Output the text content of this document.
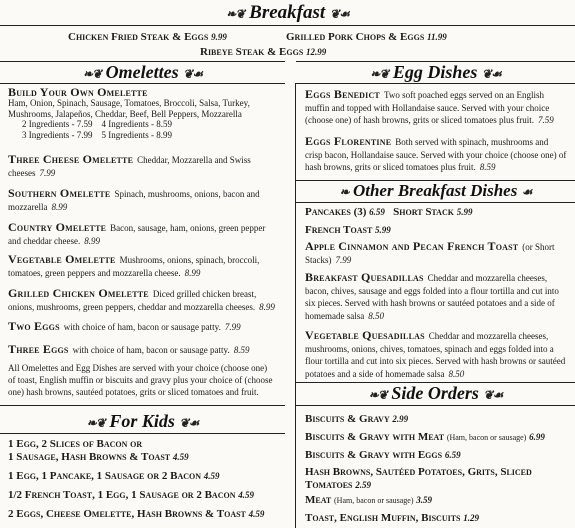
❧❦ Breakfast ❦☙
Chicken Fried Steak & Eggs 9.99	Grilled Pork Chops & Eggs 11.99
Ribeye Steak & Eggs 12.99
❧❦ Omelettes ❦☙
Build Your Own Omelette
Ham, Onion, Spinach, Sausage, Tomatoes, Broccoli, Salsa, Turkey, Mushrooms, Jalapeños, Cheddar, Beef, Bell Peppers, Mozzarella
2 Ingredients - 7.59 4 Ingredients - 8.59
3 Ingredients - 7.99 5 Ingredients - 8.99
Three Cheese Omelette Cheddar, Mozzarella and Swiss cheeses 7.99
Southern Omelette Spinach, mushrooms, onions, bacon and mozzarella 8.99
Country Omelette Bacon, sausage, ham, onions, green pepper and cheddar cheese. 8.99
Vegetable Omelette Mushrooms, onions, spinach, broccoli, tomatoes, green peppers and mozzarella cheese. 8.99
Grilled Chicken Omelette Diced grilled chicken breast, onions, mushrooms, green peppers, cheddar and mozzarella cheeses. 8.99
Two Eggs with choice of ham, bacon or sausage patty. 7.99
Three Eggs with choice of ham, bacon or sausage patty. 8.59
All Omelettes and Egg Dishes are served with your choice (choose one) of toast, English muffin or biscuits and gravy plus your choice of (choose one) hash browns, sautéed potatoes, grits or sliced tomatoes and fruit.
❧❦ For Kids ❦☙
1 Egg, 2 Slices of Bacon or
1 Sausage, Hash Browns & Toast 4.59
1 Egg, 1 Pancake, 1 Sausage or 2 Bacon 4.59
1/2 French Toast, 1 Egg, 1 Sausage or 2 Bacon 4.59
2 Eggs, Cheese Omelette, Hash Browns & Toast 4.59
❧❦ Egg Dishes ❦☙
Eggs Benedict Two soft poached eggs served on an English muffin and topped with Hollandaise sauce. Served with your choice (choose one) of hash browns, grits or sliced tomatoes plus fruit. 7.59
Eggs Florentine Both served with spinach, mushrooms and crisp bacon, Hollandaise sauce. Served with your choice (choose one) of hash browns, grits or sliced tomatoes plus fruit. 8.59
❧ Other Breakfast Dishes ☙
Pancakes (3) 6.59 Short Stack 5.99
French Toast 5.99
Apple Cinnamon and Pecan French Toast (or Short Stacks) 7.99
Breakfast Quesadillas Cheddar and mozzarella cheeses, bacon, chives, sausage and eggs folded into a flour tortilla and cut into six pieces. Served with hash browns or sautéed potatoes and a side of homemade salsa 8.50
Vegetable Quesadillas Cheddar and mozzarella cheeses, mushrooms, onions, chives, tomatoes, spinach and eggs folded into a flour tortilla and cut into six pieces. Served with hash browns or sautéed potatoes and a side of homemade salsa 8.50
❧❦ Side Orders ❦☙
Biscuits & Gravy 2.99
Biscuits & Gravy with Meat (Ham, bacon or sausage) 6.99
Biscuits & Gravy with Eggs 6.59
Hash Browns, Sautéed Potatoes, Grits, Sliced Tomatoes 2.59
Meat (Ham, bacon or sausage) 3.59
Toast, English Muffin, Biscuits 1.29
